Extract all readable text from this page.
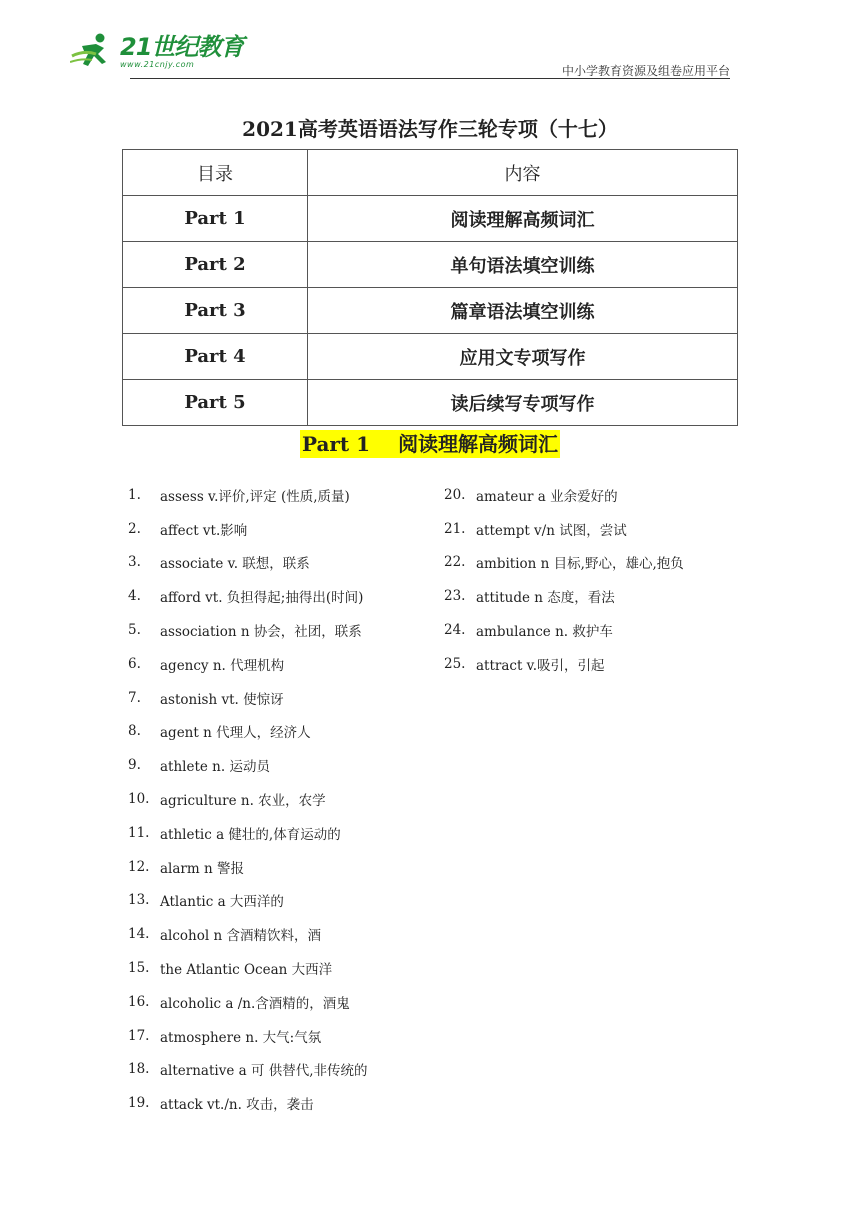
21世纪教育
www.21cnjy.com	中小学教育资源及组卷应用平台
2021高考英语语法写作三轮专项（十七）
目录	内容
Part 1	阅读理解高频词汇
Part 2	单句语法填空训练
Part 3	篇章语法填空训练
Part 4	应用文专项写作
Part 5	读后续写专项写作
Part 1 阅读理解高频词汇
1.	assess v.评价,评定 (性质,质量)
2.	affect vt.影响
3.	associate v. 联想，联系
4.	afford vt. 负担得起;抽得出(时间)
5.	association n 协会，社团，联系
6.	agency n. 代理机构
7.	astonish vt. 使惊讶
8.	agent n 代理人，经济人
9.	athlete n. 运动员
10. agriculture n. 农业，农学
11. athletic a 健壮的,体育运动的
12. alarm n 警报
13. Atlantic a 大西洋的
14. alcohol n 含酒精饮料，酒
15. the Atlantic Ocean 大西洋
16. alcoholic a /n.含酒精的，酒鬼
17. atmosphere n. 大气:气氛
18. alternative a 可 供替代,非传统的
19. attack vt./n. 攻击，袭击
20. amateur a 业余爱好的
21. attempt v/n 试图，尝试
22. ambition n 目标,野心，雄心,抱负
23. attitude n 态度，看法
24. ambulance n. 救护车
25. attract v.吸引，引起
